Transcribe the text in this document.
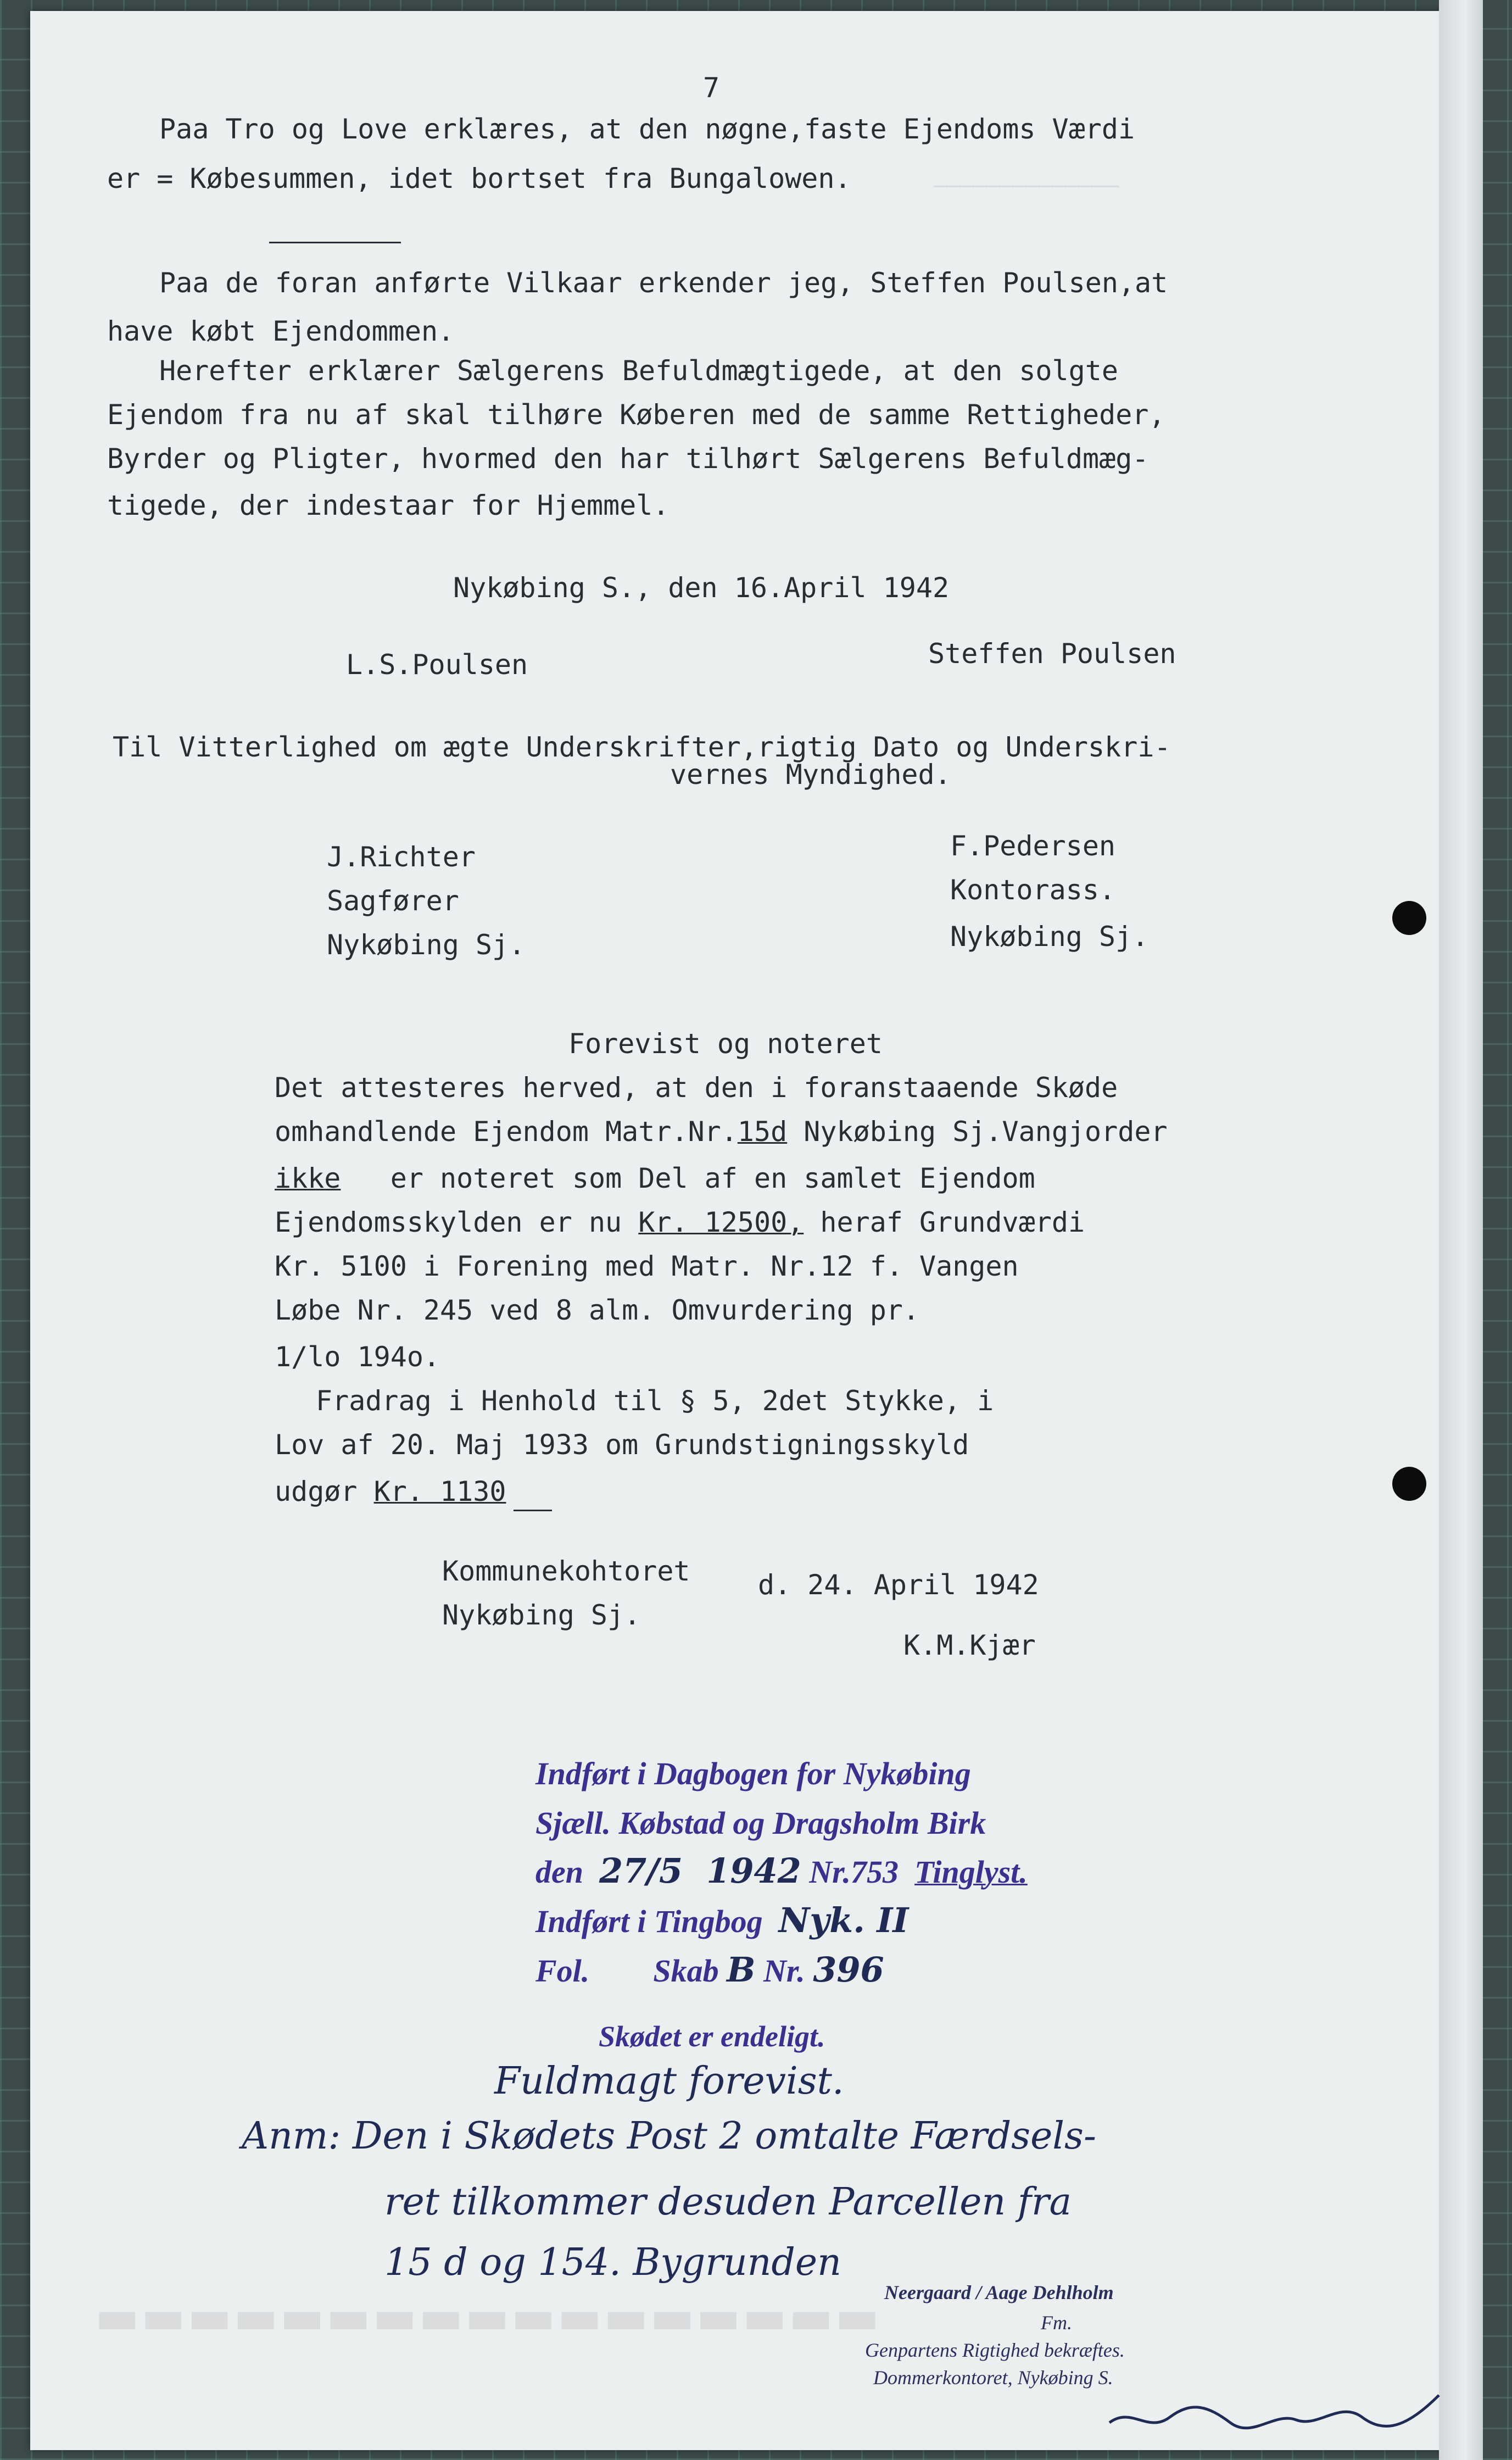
──────────────
▬▬▬▬▬▬▬▬▬▬▬▬▬▬▬▬▬
7
Paa Tro og Love erklæres, at den nøgne,faste Ejendoms Værdi
er = Købesummen, idet bortset fra Bungalowen.
Paa de foran anførte Vilkaar erkender jeg, Steffen Poulsen,at
have købt Ejendommen.
Herefter erklærer Sælgerens Befuldmægtigede, at den solgte
Ejendom fra nu af skal tilhøre Køberen med de samme Rettigheder,
Byrder og Pligter, hvormed den har tilhørt Sælgerens Befuldmæg-
tigede, der indestaar for Hjemmel.
Nykøbing S., den 16.April 1942
L.S.Poulsen	Steffen Poulsen
Til Vitterlighed om ægte Underskrifter,rigtig Dato og Underskri-
vernes Myndighed.
J.Richter
Sagfører
Nykøbing Sj.
F.Pedersen
Kontorass.
Nykøbing Sj.
Forevist og noteret
Det attesteres herved, at den i foranstaaende Skøde
omhandlende Ejendom Matr.Nr.15d Nykøbing Sj.Vangjorder
ikke   er noteret som Del af en samlet Ejendom
Ejendomsskylden er nu Kr. 12500, heraf Grundværdi
Kr. 5100 i Forening med Matr. Nr.12 f. Vangen
Løbe Nr. 245 ved 8 alm. Omvurdering pr.
1/lo 194o.
Fradrag i Henhold til § 5, 2det Stykke, i
Lov af 20. Maj 1933 om Grundstigningsskyld
udgør Kr. 1130
Kommunekohtoret
Nykøbing Sj.
d. 24. April 1942
K.M.Kjær
Indført i Dagbogen for Nykøbing
Sjæll. Købstad og Dragsholm Birk
den 27/5  1942 Nr.753 Tinglyst.
Indført i Tingbog Nyk. II
Fol. Skab B Nr. 396
Skødet er endeligt.
Fuldmagt forevist.
Anm: Den i Skødets Post 2 omtalte Færdsels-
ret tilkommer desuden Parcellen fra
15 d og 154. Bygrunden
Neergaard / Aage Dehlholm
Fm.
Genpartens Rigtighed bekræftes.
Dommerkontoret, Nykøbing S.
